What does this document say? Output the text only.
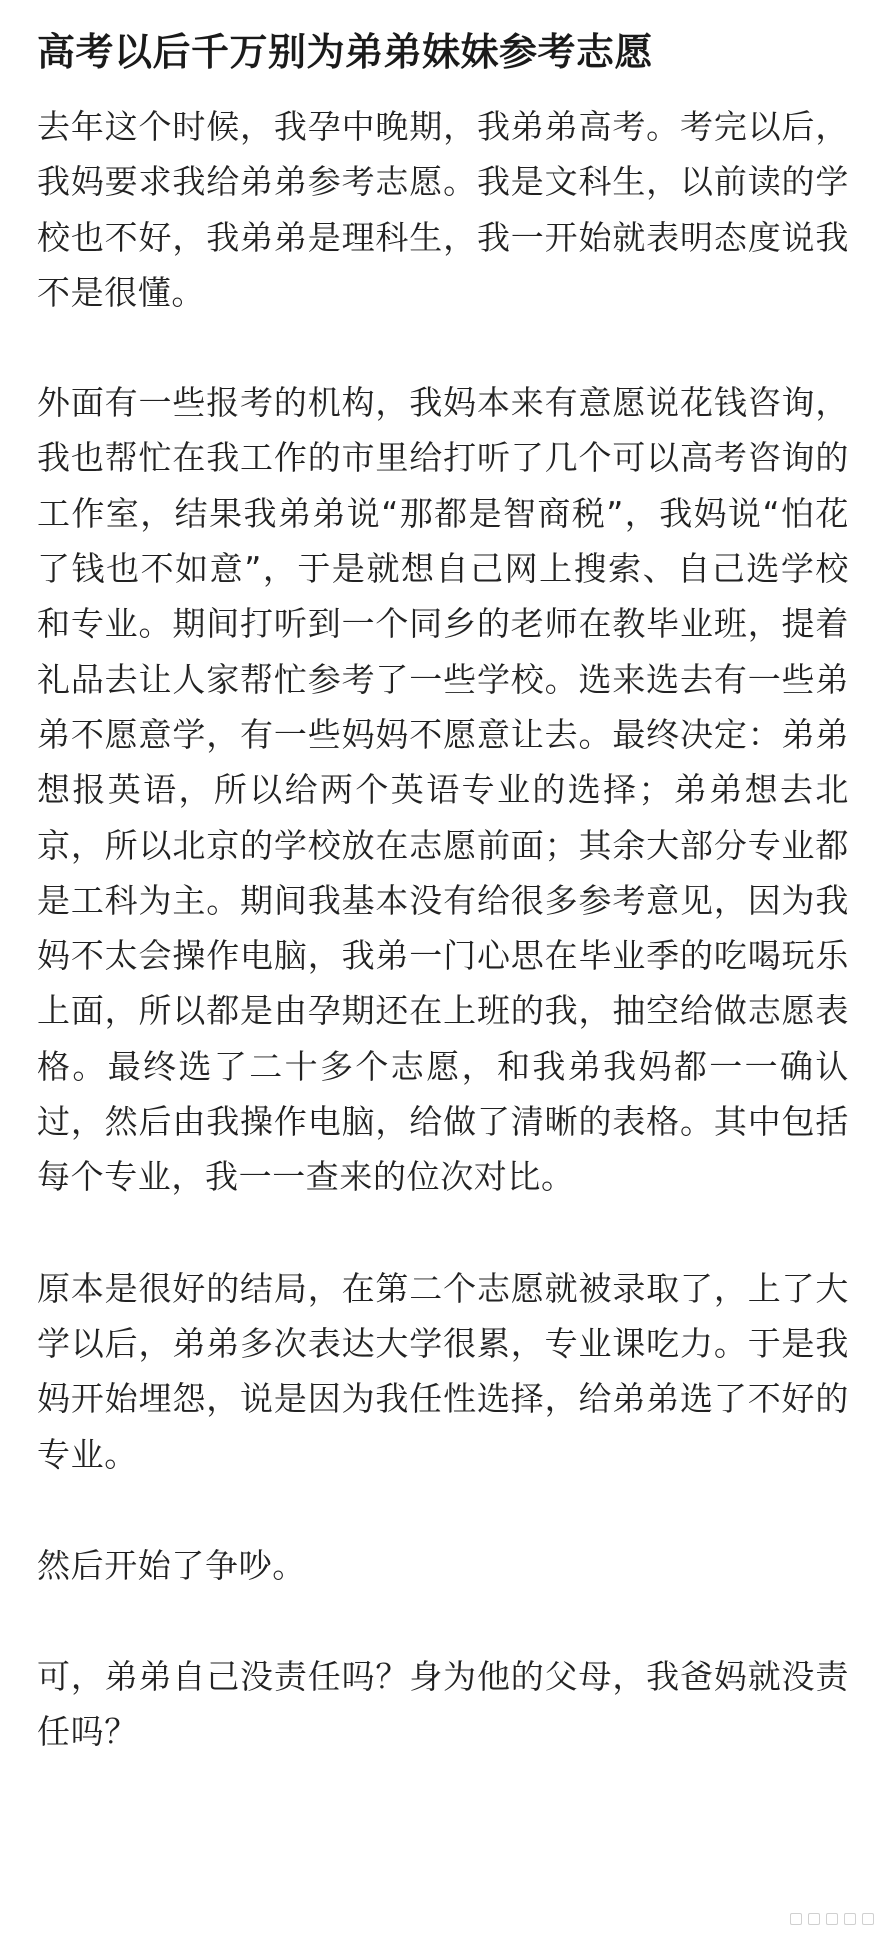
高考以后千万别为弟弟妹妹参考志愿

去年这个时候，我孕中晚期，我弟弟高考。考完以后，我妈要求我给弟弟参考志愿。我是文科生，以前读的学校也不好，我弟弟是理科生，我一开始就表明态度说我不是很懂。

外面有一些报考的机构，我妈本来有意愿说花钱咨询，我也帮忙在我工作的市里给打听了几个可以高考咨询的工作室，结果我弟弟说“那都是智商税”，我妈说“怕花了钱也不如意”，于是就想自己网上搜索、自己选学校和专业。期间打听到一个同乡的老师在教毕业班，提着礼品去让人家帮忙参考了一些学校。选来选去有一些弟弟不愿意学，有一些妈妈不愿意让去。最终决定：弟弟想报英语，所以给两个英语专业的选择；弟弟想去北京，所以北京的学校放在志愿前面；其余大部分专业都是工科为主。期间我基本没有给很多参考意见，因为我妈不太会操作电脑，我弟一门心思在毕业季的吃喝玩乐上面，所以都是由孕期还在上班的我，抽空给做志愿表格。最终选了二十多个志愿，和我弟我妈都一一确认过，然后由我操作电脑，给做了清晰的表格。其中包括每个专业，我一一查来的位次对比。

原本是很好的结局，在第二个志愿就被录取了，上了大学以后，弟弟多次表达大学很累，专业课吃力。于是我妈开始埋怨，说是因为我任性选择，给弟弟选了不好的专业。

然后开始了争吵。

可，弟弟自己没责任吗？身为他的父母，我爸妈就没责任吗？
